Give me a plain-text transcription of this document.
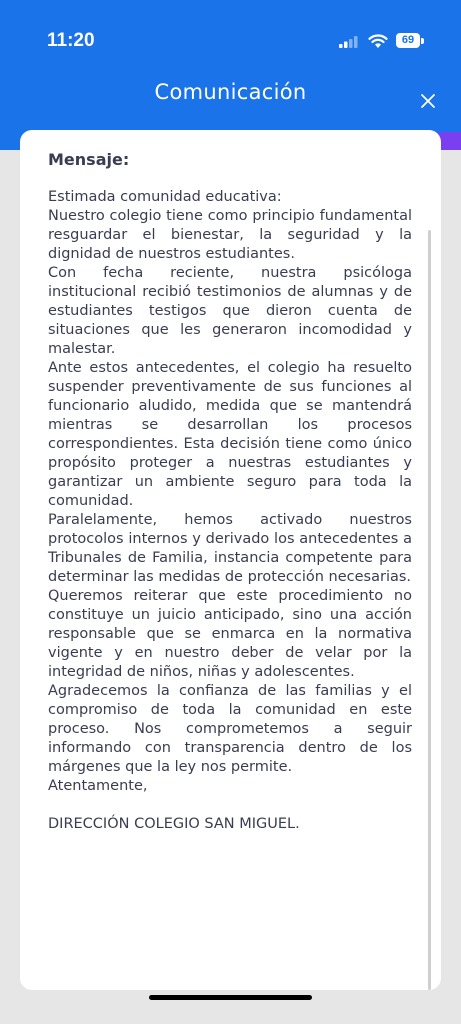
11:20	69
Comunicación
Mensaje:

Estimada comunidad educativa:

Nuestro colegio tiene como principio fundamental resguardar el bienestar, la seguridad y la dignidad de nuestros estudiantes.

Con fecha reciente, nuestra psicóloga institucional recibió testimonios de alumnas y de estudiantes testigos que dieron cuenta de situaciones que les generaron incomodidad y malestar.

Ante estos antecedentes, el colegio ha resuelto suspender preventivamente de sus funciones al funcionario aludido, medida que se mantendrá mientras se desarrollan los procesos correspondientes. Esta decisión tiene como único propósito proteger a nuestras estudiantes y garantizar un ambiente seguro para toda la comunidad.

Paralelamente, hemos activado nuestros protocolos internos y derivado los antecedentes a Tribunales de Familia, instancia competente para determinar las medidas de protección necesarias.

Queremos reiterar que este procedimiento no constituye un juicio anticipado, sino una acción responsable que se enmarca en la normativa vigente y en nuestro deber de velar por la integridad de niños, niñas y adolescentes.

Agradecemos la confianza de las familias y el compromiso de toda la comunidad en este proceso. Nos comprometemos a seguir informando con transparencia dentro de los márgenes que la ley nos permite.

Atentamente,

DIRECCIÓN COLEGIO SAN MIGUEL.
